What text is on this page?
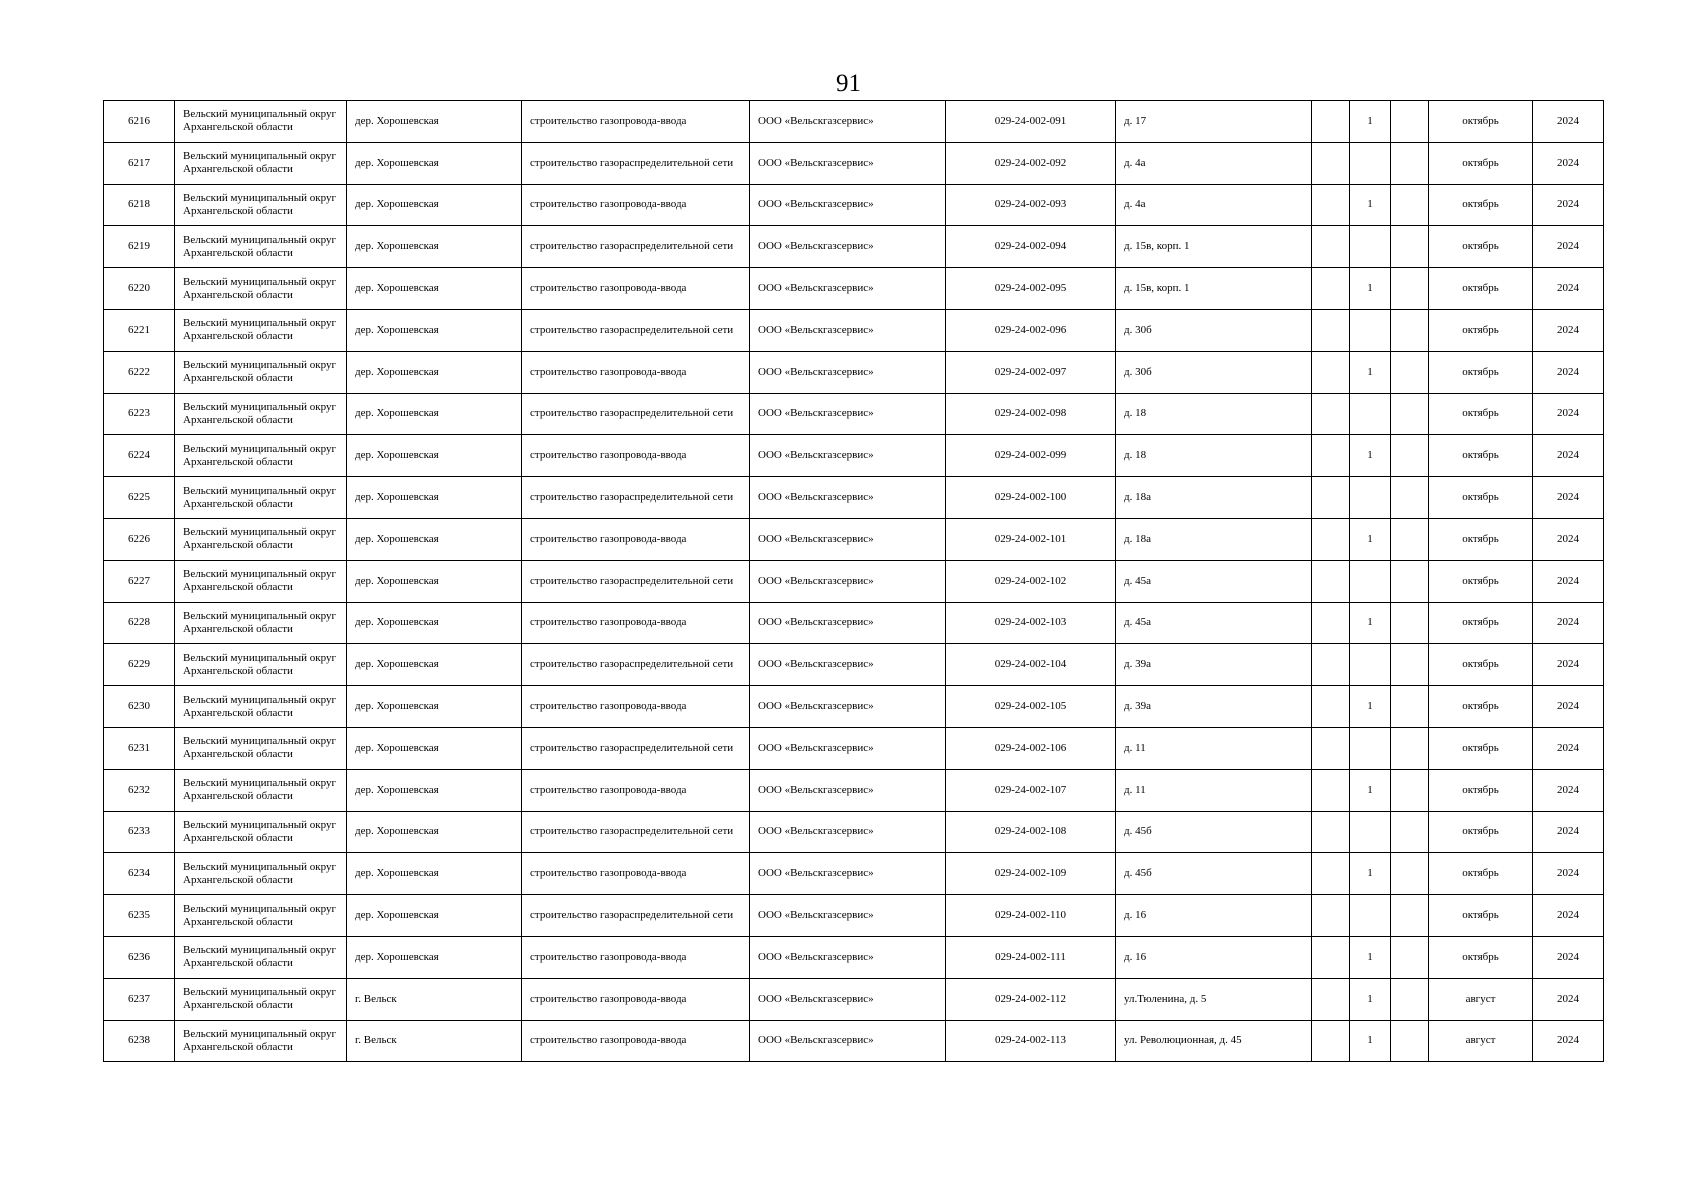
91
6216	Вельский муниципальный округ Архангельской области	дер. Хорошевская	строительство газопровода-ввода	ООО «Вельскгазсервис»	029-24-002-091	д. 17		1		октябрь	2024
6217	Вельский муниципальный округ Архангельской области	дер. Хорошевская	строительство газораспределительной сети	ООО «Вельскгазсервис»	029-24-002-092	д. 4а				октябрь	2024
6218	Вельский муниципальный округ Архангельской области	дер. Хорошевская	строительство газопровода-ввода	ООО «Вельскгазсервис»	029-24-002-093	д. 4а		1		октябрь	2024
6219	Вельский муниципальный округ Архангельской области	дер. Хорошевская	строительство газораспределительной сети	ООО «Вельскгазсервис»	029-24-002-094	д. 15в, корп. 1				октябрь	2024
6220	Вельский муниципальный округ Архангельской области	дер. Хорошевская	строительство газопровода-ввода	ООО «Вельскгазсервис»	029-24-002-095	д. 15в, корп. 1		1		октябрь	2024
6221	Вельский муниципальный округ Архангельской области	дер. Хорошевская	строительство газораспределительной сети	ООО «Вельскгазсервис»	029-24-002-096	д. 30б				октябрь	2024
6222	Вельский муниципальный округ Архангельской области	дер. Хорошевская	строительство газопровода-ввода	ООО «Вельскгазсервис»	029-24-002-097	д. 30б		1		октябрь	2024
6223	Вельский муниципальный округ Архангельской области	дер. Хорошевская	строительство газораспределительной сети	ООО «Вельскгазсервис»	029-24-002-098	д. 18				октябрь	2024
6224	Вельский муниципальный округ Архангельской области	дер. Хорошевская	строительство газопровода-ввода	ООО «Вельскгазсервис»	029-24-002-099	д. 18		1		октябрь	2024
6225	Вельский муниципальный округ Архангельской области	дер. Хорошевская	строительство газораспределительной сети	ООО «Вельскгазсервис»	029-24-002-100	д. 18а				октябрь	2024
6226	Вельский муниципальный округ Архангельской области	дер. Хорошевская	строительство газопровода-ввода	ООО «Вельскгазсервис»	029-24-002-101	д. 18а		1		октябрь	2024
6227	Вельский муниципальный округ Архангельской области	дер. Хорошевская	строительство газораспределительной сети	ООО «Вельскгазсервис»	029-24-002-102	д. 45а				октябрь	2024
6228	Вельский муниципальный округ Архангельской области	дер. Хорошевская	строительство газопровода-ввода	ООО «Вельскгазсервис»	029-24-002-103	д. 45а		1		октябрь	2024
6229	Вельский муниципальный округ Архангельской области	дер. Хорошевская	строительство газораспределительной сети	ООО «Вельскгазсервис»	029-24-002-104	д. 39а				октябрь	2024
6230	Вельский муниципальный округ Архангельской области	дер. Хорошевская	строительство газопровода-ввода	ООО «Вельскгазсервис»	029-24-002-105	д. 39а		1		октябрь	2024
6231	Вельский муниципальный округ Архангельской области	дер. Хорошевская	строительство газораспределительной сети	ООО «Вельскгазсервис»	029-24-002-106	д. 11				октябрь	2024
6232	Вельский муниципальный округ Архангельской области	дер. Хорошевская	строительство газопровода-ввода	ООО «Вельскгазсервис»	029-24-002-107	д. 11		1		октябрь	2024
6233	Вельский муниципальный округ Архангельской области	дер. Хорошевская	строительство газораспределительной сети	ООО «Вельскгазсервис»	029-24-002-108	д. 45б				октябрь	2024
6234	Вельский муниципальный округ Архангельской области	дер. Хорошевская	строительство газопровода-ввода	ООО «Вельскгазсервис»	029-24-002-109	д. 45б		1		октябрь	2024
6235	Вельский муниципальный округ Архангельской области	дер. Хорошевская	строительство газораспределительной сети	ООО «Вельскгазсервис»	029-24-002-110	д. 16				октябрь	2024
6236	Вельский муниципальный округ Архангельской области	дер. Хорошевская	строительство газопровода-ввода	ООО «Вельскгазсервис»	029-24-002-111	д. 16		1		октябрь	2024
6237	Вельский муниципальный округ Архангельской области	г. Вельск	строительство газопровода-ввода	ООО «Вельскгазсервис»	029-24-002-112	ул.Тюленина, д. 5		1		август	2024
6238	Вельский муниципальный округ Архангельской области	г. Вельск	строительство газопровода-ввода	ООО «Вельскгазсервис»	029-24-002-113	ул. Революционная, д. 45		1		август	2024
